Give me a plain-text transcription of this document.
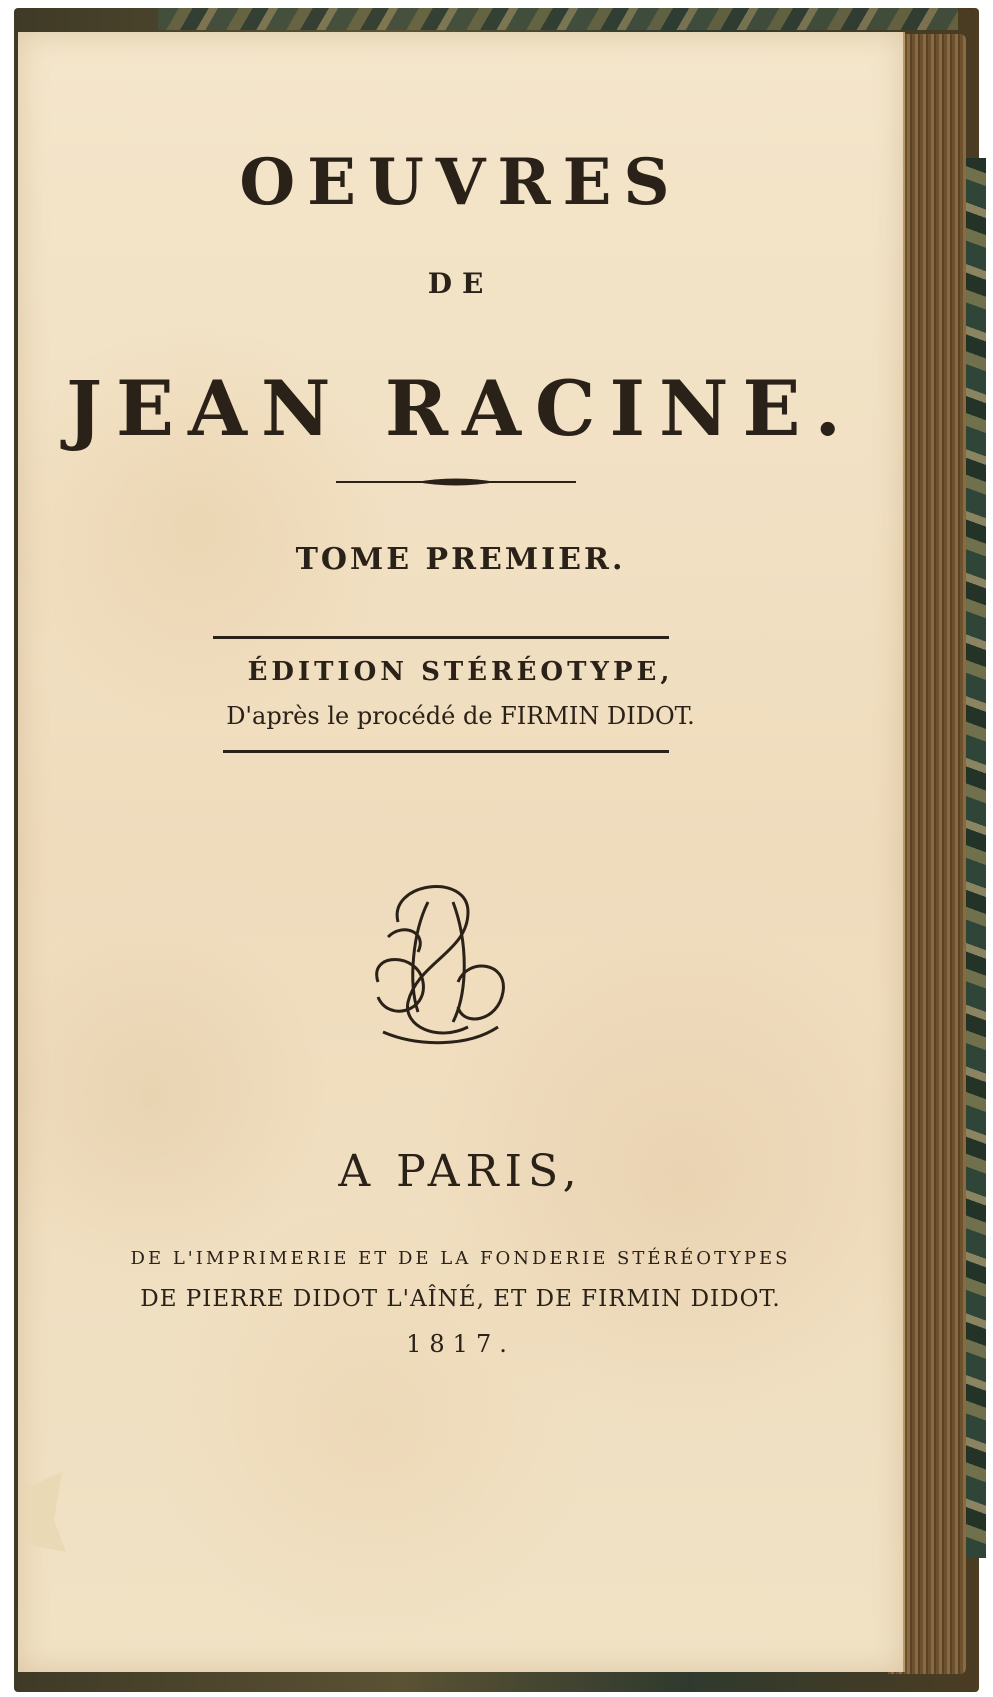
OEUVRES
DE
JEAN RACINE.
TOME PREMIER.
ÉDITION STÉRÉOTYPE,
D'après le procédé de FIRMIN DIDOT.
A PARIS,
DE L'IMPRIMERIE ET DE LA FONDERIE STÉRÉOTYPES
DE PIERRE DIDOT L'AÎNÉ, ET DE FIRMIN DIDOT.
1817.
